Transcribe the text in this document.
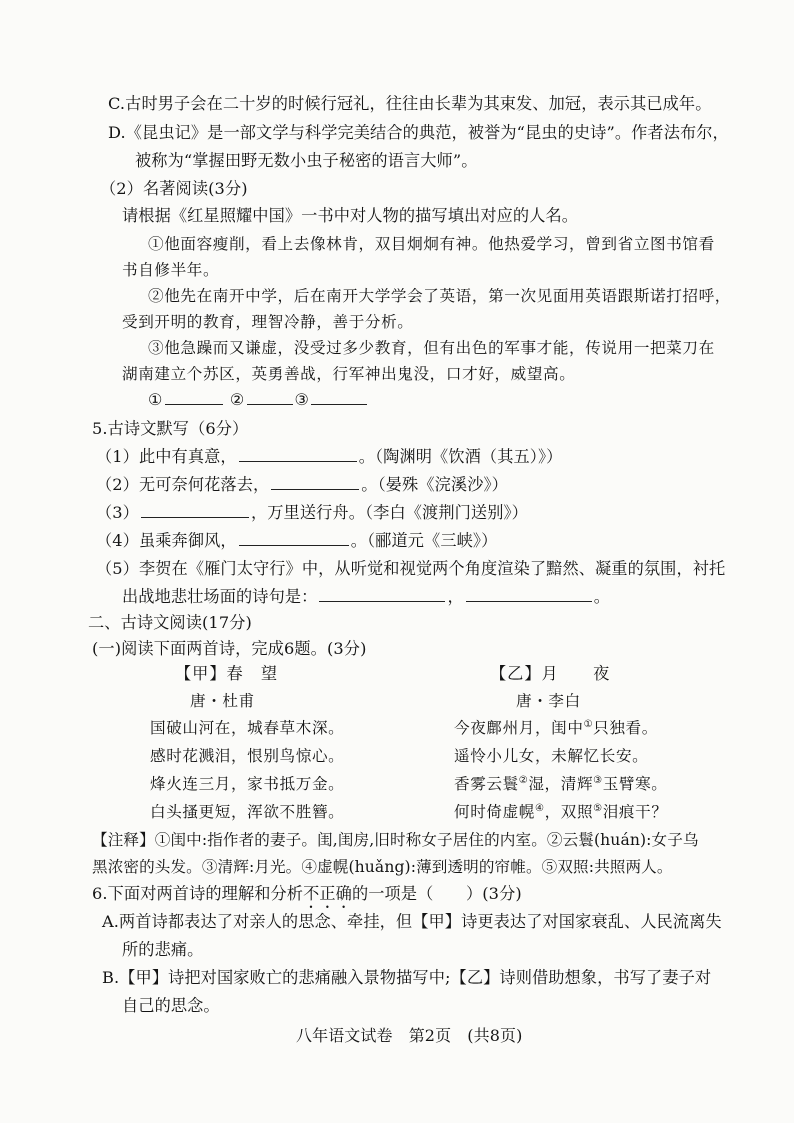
C.古时男子会在二十岁的时候行冠礼，往往由长辈为其束发、加冠，表示其已成年。
D.《昆虫记》是一部文学与科学完美结合的典范，被誉为“昆虫的史诗”。作者法布尔，
被称为“掌握田野无数小虫子秘密的语言大师”。
（2）名著阅读(3分)
请根据《红星照耀中国》一书中对人物的描写填出对应的人名。
①他面容瘦削，看上去像林肯，双目炯炯有神。他热爱学习，曾到省立图书馆看
书自修半年。
②他先在南开中学，后在南开大学学会了英语，第一次见面用英语跟斯诺打招呼，
受到开明的教育，理智冷静，善于分析。
③他急躁而又谦虚，没受过多少教育，但有出色的军事才能，传说用一把菜刀在
湖南建立个苏区，英勇善战，行军神出鬼没，口才好，威望高。
①	②	③
5.古诗文默写（6分）
（1）此中有真意，	。（陶渊明《饮酒（其五）》）
（2）无可奈何花落去，	。（晏殊《浣溪沙》）
（3）	，万里送行舟。（李白《渡荆门送别》）
（4）虽乘奔御风，	。（郦道元《三峡》）
（5）李贺在《雁门太守行》中，从听觉和视觉两个角度渲染了黯然、凝重的氛围，衬托
出战地悲壮场面的诗句是：	，	。
二、古诗文阅读(17分)
(一)阅读下面两首诗，完成6题。(3分)
【甲】春　望
唐・杜甫
国破山河在，城春草木深。
感时花溅泪，恨别鸟惊心。
烽火连三月，家书抵万金。
白头搔更短，浑欲不胜簪。
【乙】月　　夜
唐・李白
今夜鄜州月，闺中①只独看。
遥怜小儿女，未解忆长安。
香雾云鬟②湿，清辉③玉臂寒。
何时倚虚幌④，双照⑤泪痕干？
【注释】①闺中:指作者的妻子。闺,闺房,旧时称女子居住的内室。②云鬟(huán):女子乌
黑浓密的头发。③清辉:月光。④虚幌(huǎng):薄到透明的帘帷。⑤双照:共照两人。
6.下面对两首诗的理解和分析不正确的一项是（　　）(3分)
A.两首诗都表达了对亲人的思念、牵挂，但【甲】诗更表达了对国家衰乱、人民流离失
所的悲痛。
B.【甲】诗把对国家败亡的悲痛融入景物描写中;【乙】诗则借助想象，书写了妻子对
自己的思念。
八年语文试卷　第2页　(共8页)
